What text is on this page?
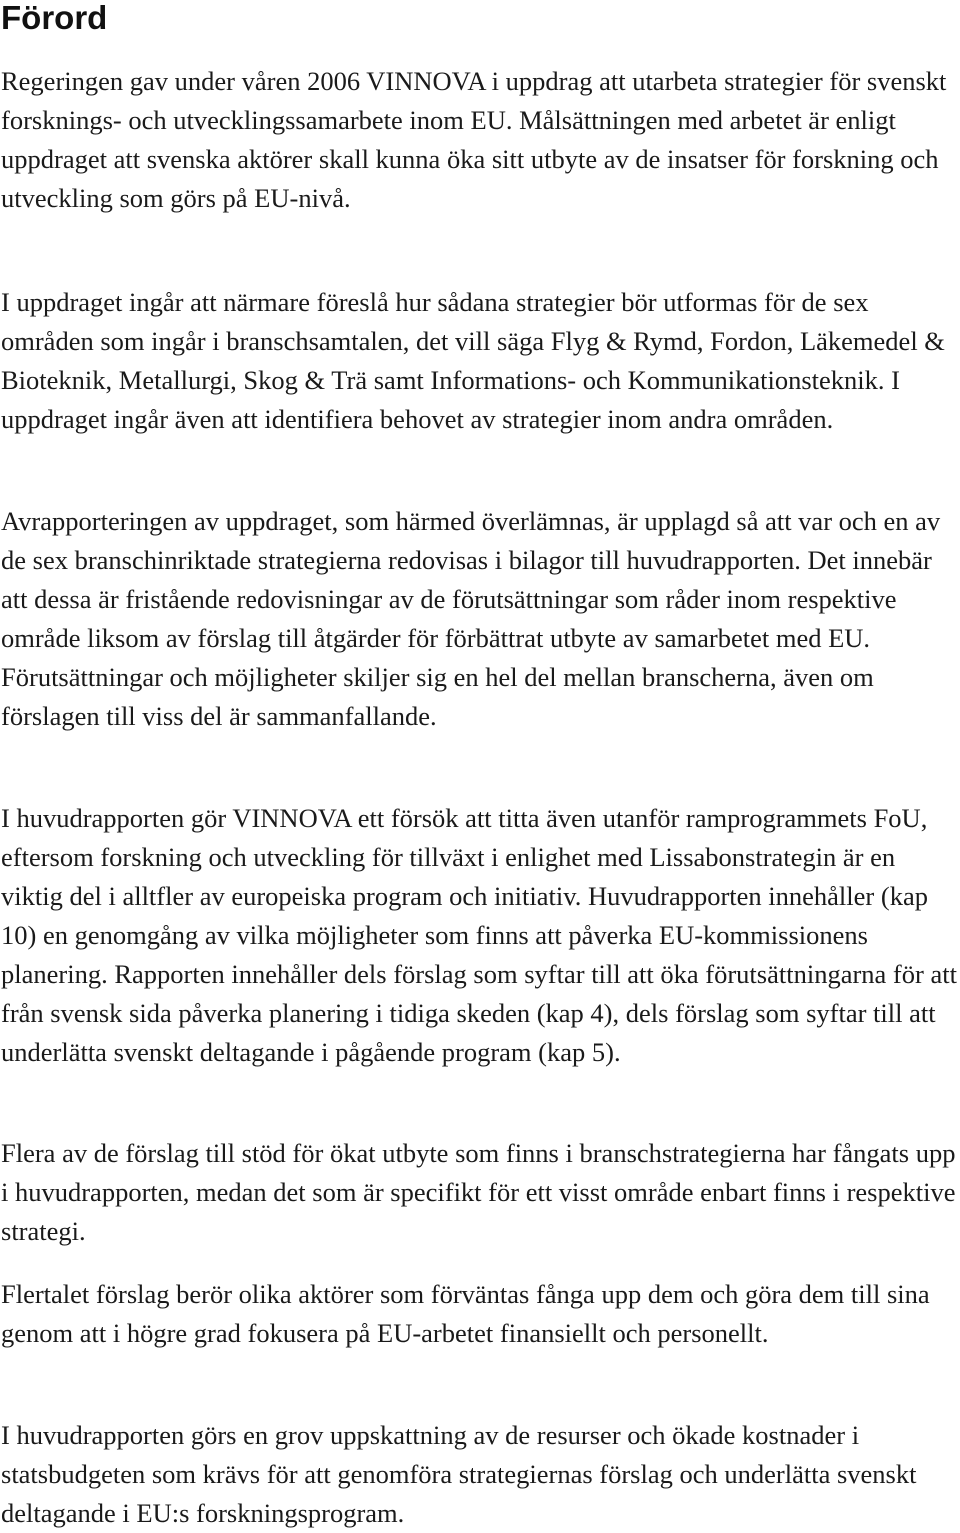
Förord

Regeringen gav under våren 2006 VINNOVA i uppdrag att utarbeta strategier för svenskt forsknings- och utvecklingssamarbete inom EU. Målsättningen med arbetet är enligt uppdraget att svenska aktörer skall kunna öka sitt utbyte av de insatser för forskning och utveckling som görs på EU-nivå.

I uppdraget ingår att närmare föreslå hur sådana strategier bör utformas för de sex områden som ingår i branschsamtalen, det vill säga Flyg & Rymd, Fordon, Läkemedel & Bioteknik, Metallurgi, Skog & Trä samt Informations- och Kommunikationsteknik. I uppdraget ingår även att identifiera behovet av strategier inom andra områden.

Avrapporteringen av uppdraget, som härmed överlämnas, är upplagd så att var och en av de sex branschinriktade strategierna redovisas i bilagor till huvudrapporten. Det innebär att dessa är fristående redovisningar av de förutsättningar som råder inom respektive område liksom av förslag till åtgärder för förbättrat utbyte av samarbetet med EU. Förutsättningar och möjligheter skiljer sig en hel del mellan branscherna, även om förslagen till viss del är sammanfallande.

I huvudrapporten gör VINNOVA ett försök att titta även utanför ramprogrammets FoU, eftersom forskning och utveckling för tillväxt i enlighet med Lissabonstrategin är en viktig del i alltfler av europeiska program och initiativ. Huvudrapporten innehåller (kap 10) en genomgång av vilka möjligheter som finns att påverka EU-kommissionens planering. Rapporten innehåller dels förslag som syftar till att öka förutsättningarna för att från svensk sida påverka planering i tidiga skeden (kap 4), dels förslag som syftar till att underlätta svenskt deltagande i pågående program (kap 5).

Flera av de förslag till stöd för ökat utbyte som finns i branschstrategierna har fångats upp i huvudrapporten, medan det som är specifikt för ett visst område enbart finns i respektive strategi.

Flertalet förslag berör olika aktörer som förväntas fånga upp dem och göra dem till sina genom att i högre grad fokusera på EU-arbetet finansiellt och personellt.

I huvudrapporten görs en grov uppskattning av de resurser och ökade kostnader i statsbudgeten som krävs för att genomföra strategiernas förslag och underlätta svenskt deltagande i EU:s forskningsprogram.
